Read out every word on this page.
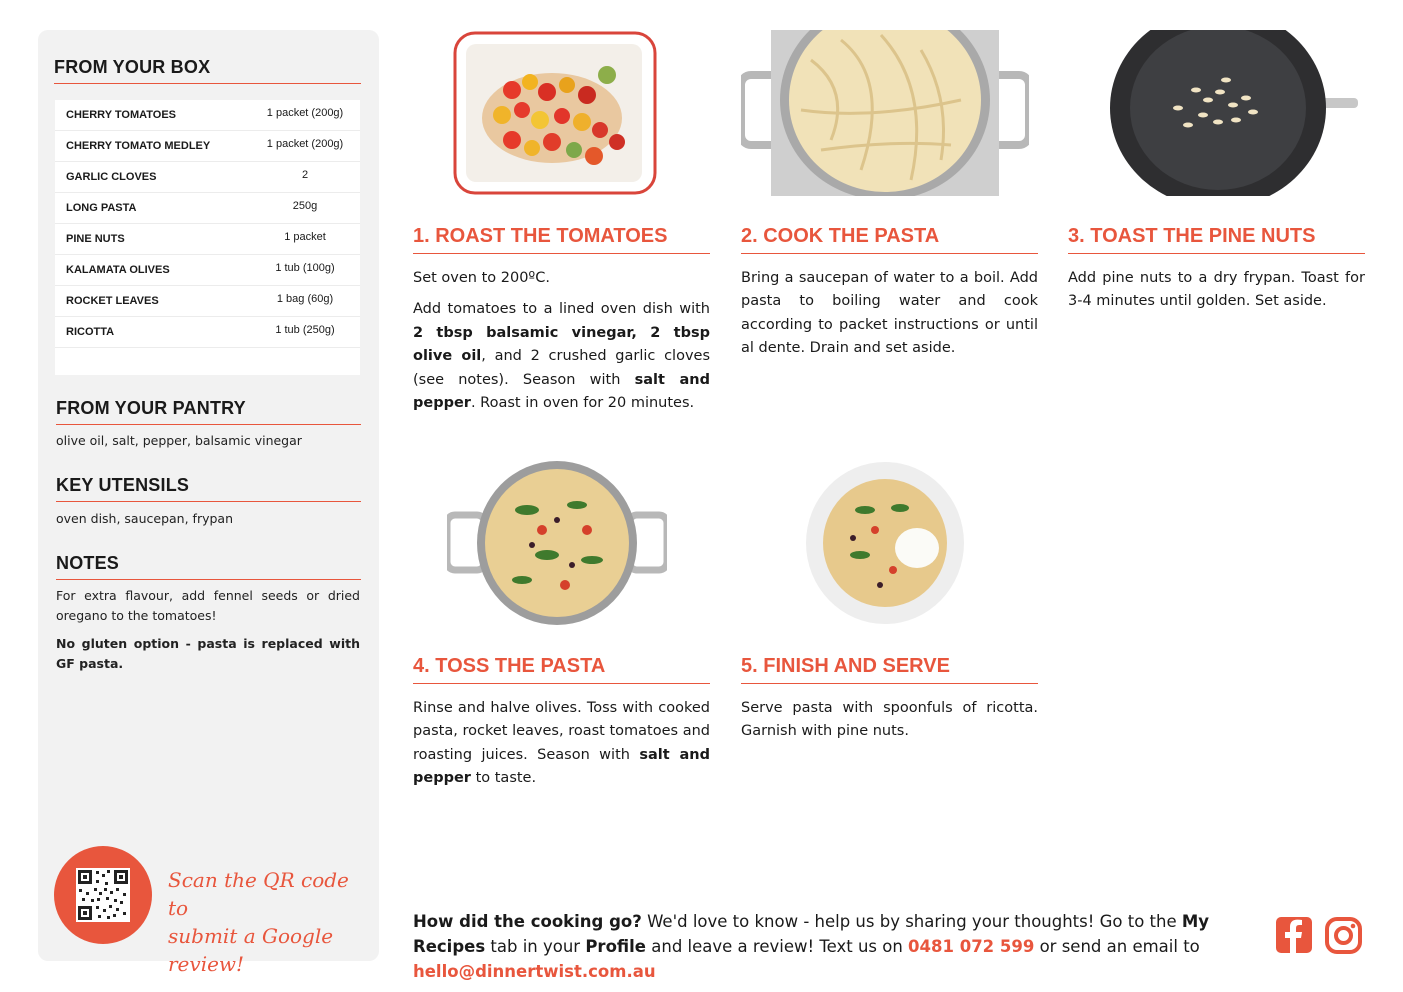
FROM YOUR BOX
CHERRY TOMATOES	1 packet (200g)
CHERRY TOMATO MEDLEY	1 packet (200g)
GARLIC CLOVES	2
LONG PASTA	250g
PINE NUTS	1 packet
KALAMATA OLIVES	1 tub (100g)
ROCKET LEAVES	1 bag (60g)
RICOTTA	1 tub (250g)
FROM YOUR PANTRY
olive oil, salt, pepper, balsamic vinegar
KEY UTENSILS
oven dish, saucepan, frypan
NOTES

For extra flavour, add fennel seeds or dried oregano to the tomatoes!

No gluten option - pasta is replaced with GF pasta.

Scan the QR code to
submit a Google review!
1. ROAST THE TOMATOES

Set oven to 200ºC.

Add tomatoes to a lined oven dish with 2 tbsp balsamic vinegar, 2 tbsp olive oil, and 2 crushed garlic cloves (see notes). Season with salt and pepper. Roast in oven for 20 minutes.

2. COOK THE PASTA

Bring a saucepan of water to a boil. Add pasta to boiling water and cook according to packet instructions or until al dente. Drain and set aside.

3. TOAST THE PINE NUTS

Add pine nuts to a dry frypan. Toast for 3-4 minutes until golden. Set aside.

4. TOSS THE PASTA

Rinse and halve olives. Toss with cooked pasta, rocket leaves, roast tomatoes and roasting juices. Season with salt and pepper to taste.

5. FINISH AND SERVE

Serve pasta with spoonfuls of ricotta. Garnish with pine nuts.

How did the cooking go? We'd love to know - help us by sharing your thoughts! Go to the My Recipes tab in your Profile and leave a review! Text us on 0481 072 599 or send an email to hello@dinnertwist.com.au
